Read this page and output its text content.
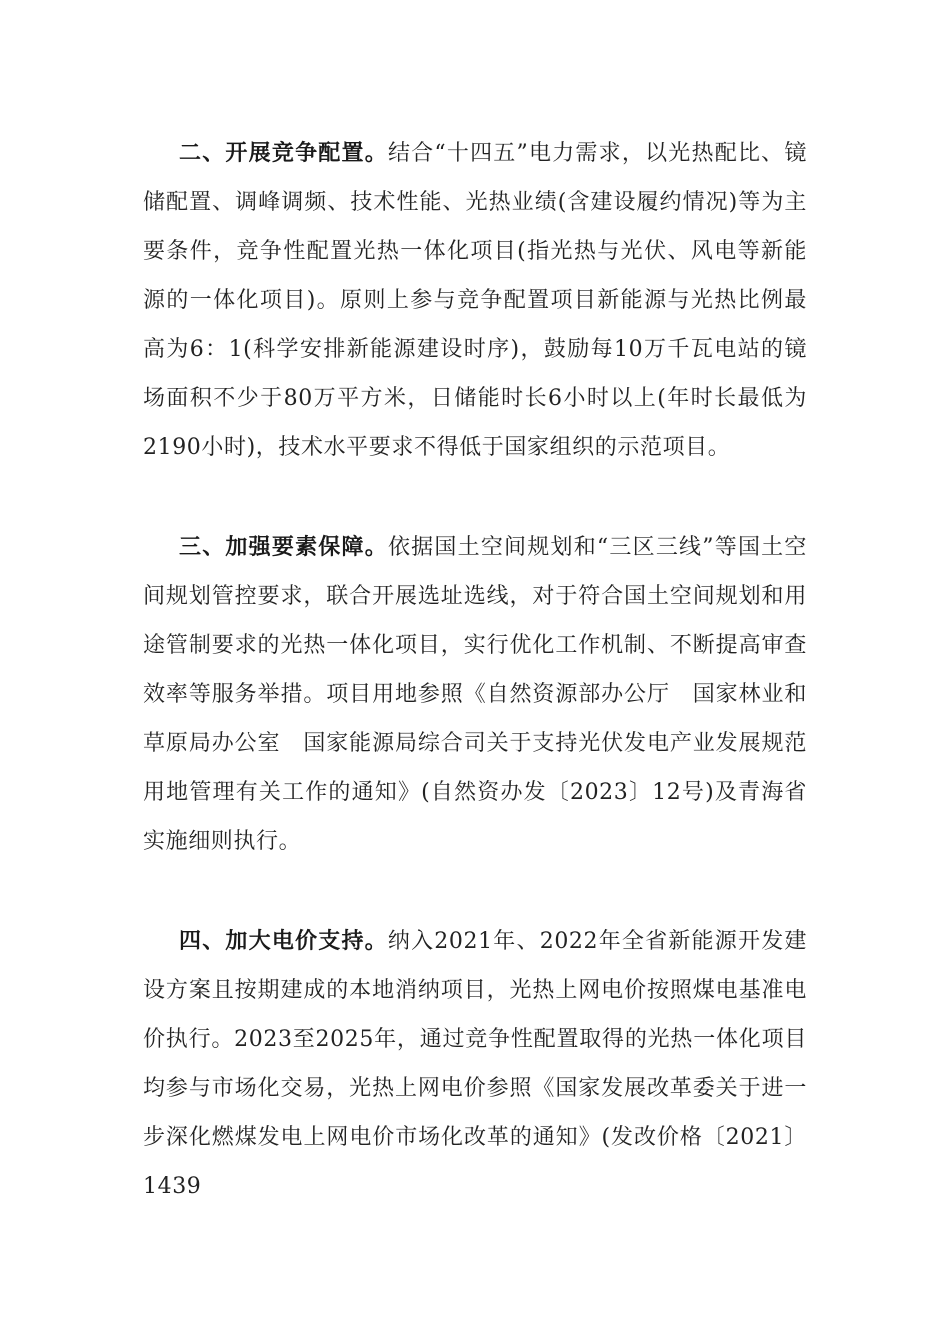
二、开展竞争配置。结合“十四五”电力需求，以光热配比、镜储配置、调峰调频、技术性能、光热业绩(含建设履约情况)等为主要条件，竞争性配置光热一体化项目(指光热与光伏、风电等新能源的一体化项目)。原则上参与竞争配置项目新能源与光热比例最高为6：1(科学安排新能源建设时序)，鼓励每10万千瓦电站的镜场面积不少于80万平方米，日储能时长6小时以上(年时长最低为2190小时)，技术水平要求不得低于国家组织的示范项目。

三、加强要素保障。依据国土空间规划和“三区三线”等国土空间规划管控要求，联合开展选址选线，对于符合国土空间规划和用途管制要求的光热一体化项目，实行优化工作机制、不断提高审查效率等服务举措。项目用地参照《自然资源部办公厅　国家林业和草原局办公室　国家能源局综合司关于支持光伏发电产业发展规范用地管理有关工作的通知》(自然资办发〔2023〕12号)及青海省实施细则执行。

四、加大电价支持。纳入2021年、2022年全省新能源开发建设方案且按期建成的本地消纳项目，光热上网电价按照煤电基准电价执行。2023至2025年，通过竞争性配置取得的光热一体化项目均参与市场化交易，光热上网电价参照《国家发展改革委关于进一步深化燃煤发电上网电价市场化改革的通知》(发改价格〔2021〕1439
